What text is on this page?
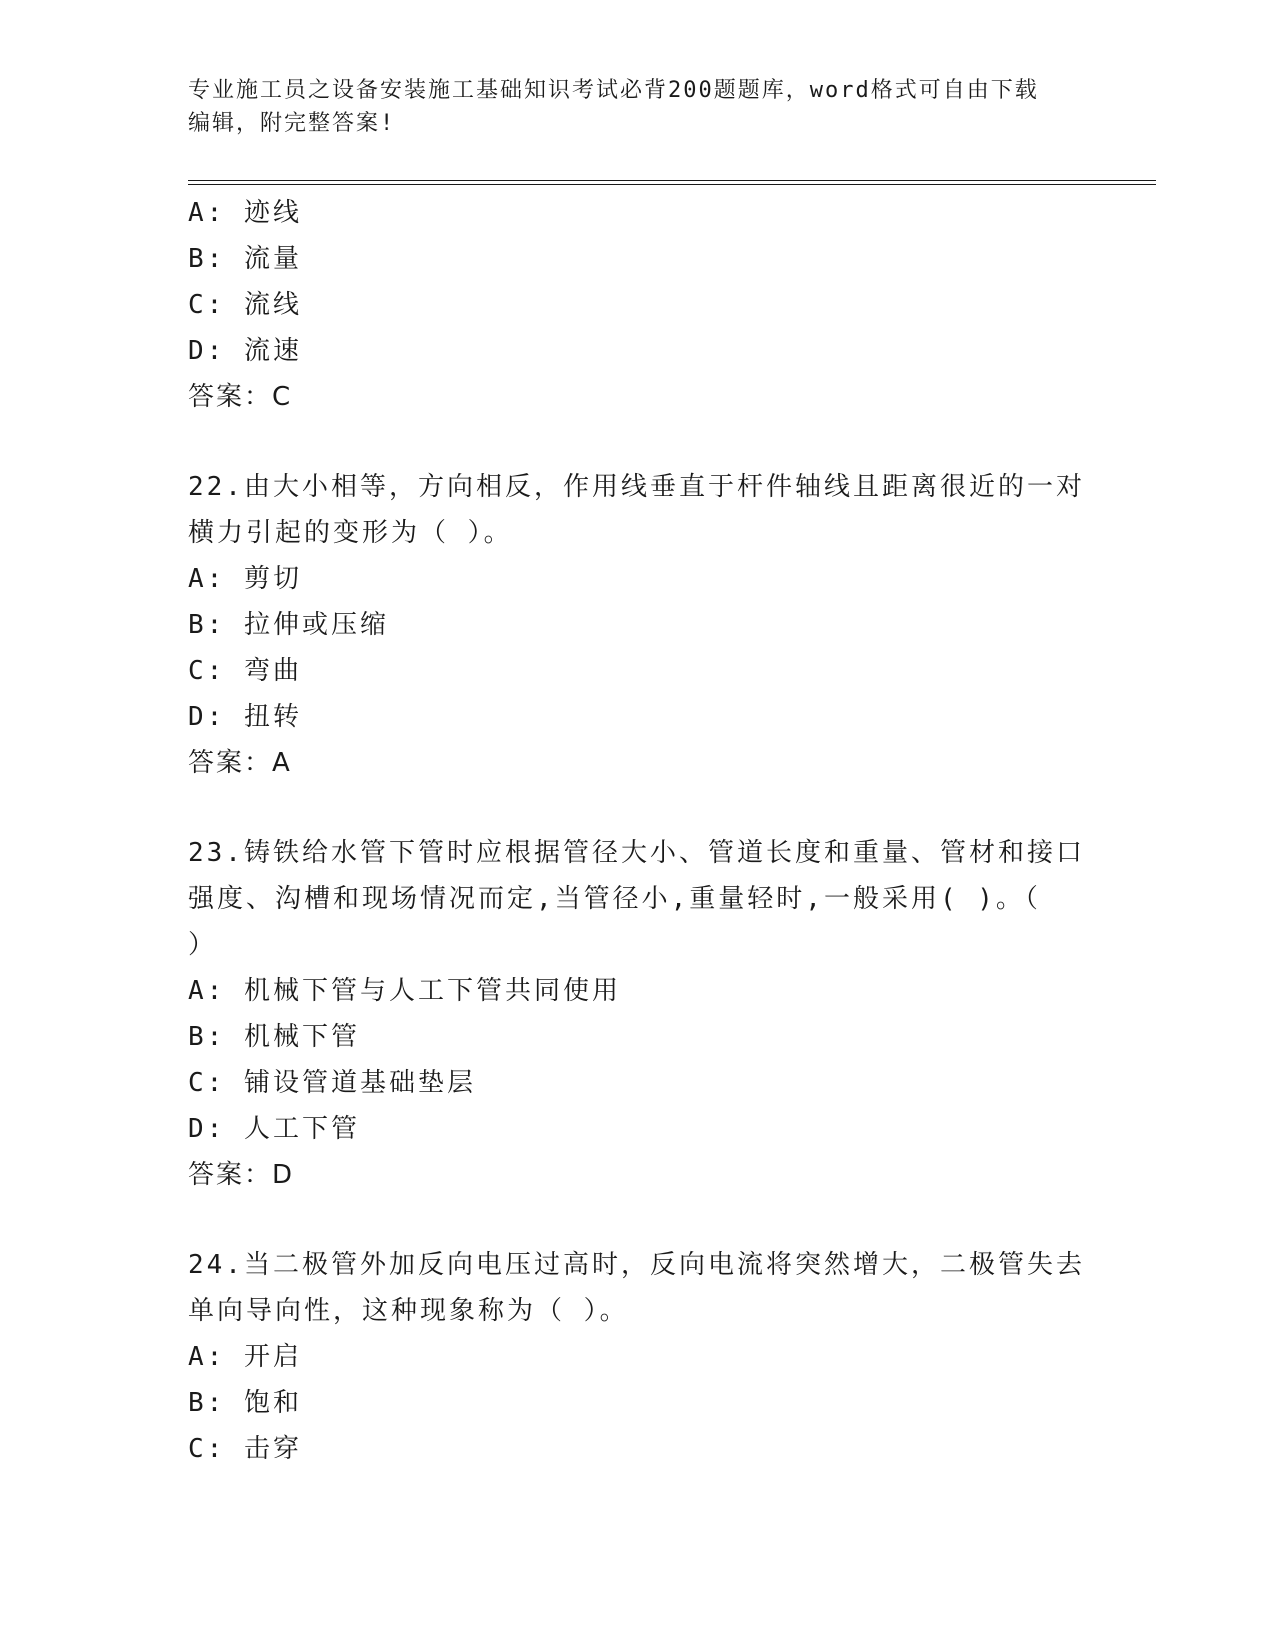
专业施工员之设备安装施工基础知识考试必背200题题库，word格式可自由下载
编辑，附完整答案!
A: 迹线
B: 流量
C: 流线
D: 流速
答案：C
22.由大小相等，方向相反，作用线垂直于杆件轴线且距离很近的一对
横力引起的变形为（ ）。
A: 剪切
B: 拉伸或压缩
C: 弯曲
D: 扭转
答案：A
23.铸铁给水管下管时应根据管径大小、管道长度和重量、管材和接口
强度、沟槽和现场情况而定,当管径小,重量轻时,一般采用( )。（
）
A: 机械下管与人工下管共同使用
B: 机械下管
C: 铺设管道基础垫层
D: 人工下管
答案：D
24.当二极管外加反向电压过高时，反向电流将突然增大，二极管失去
单向导向性，这种现象称为（ ）。
A: 开启
B: 饱和
C: 击穿
